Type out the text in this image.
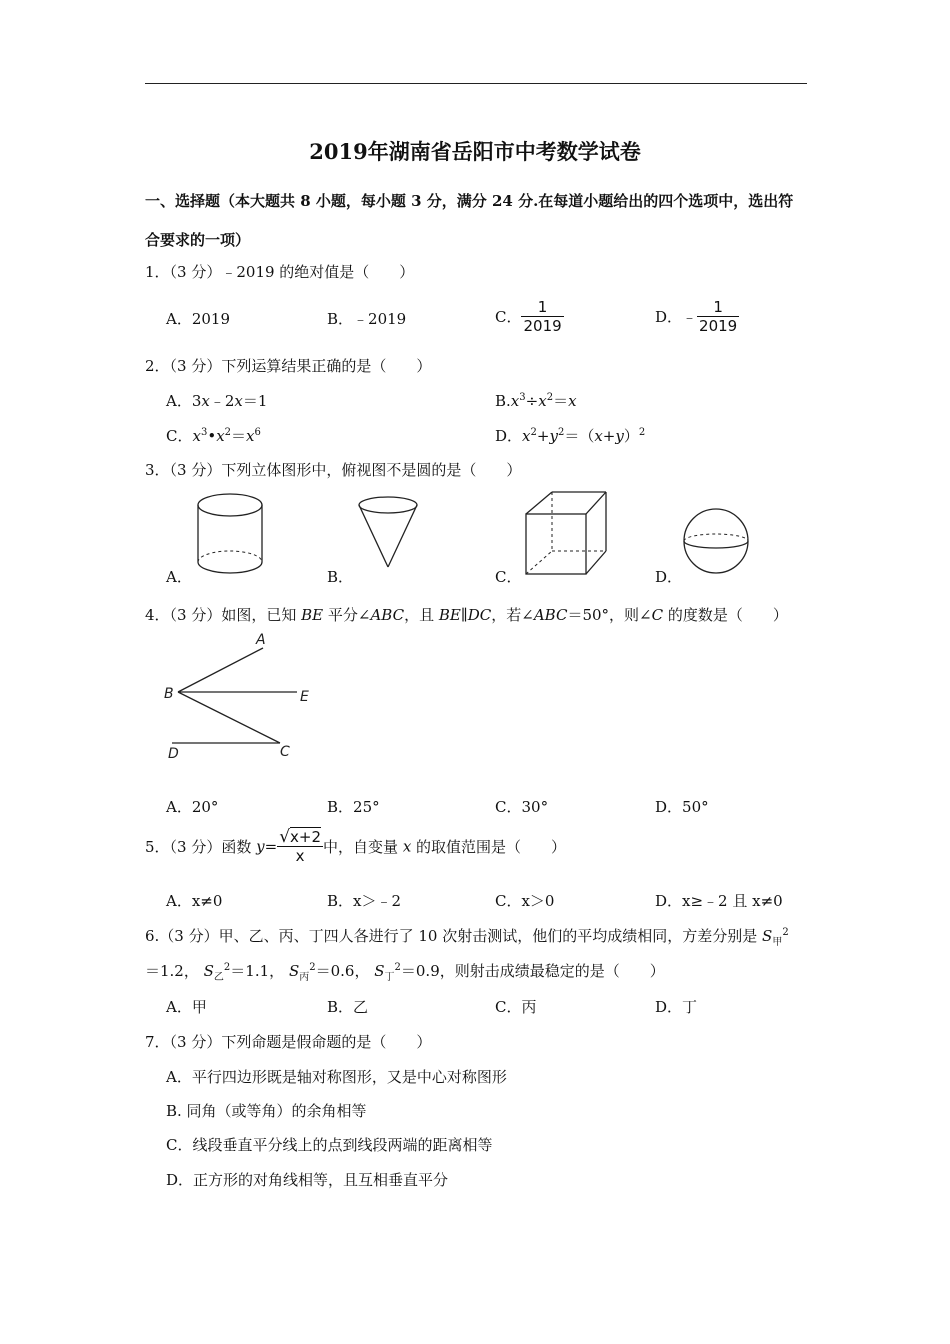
2019年湖南省岳阳市中考数学试卷
一、选择题（本大题共 8 小题，每小题 3 分，满分 24 分.在每道小题给出的四个选项中，选出符
合要求的一项）
1．（3 分）﹣2019 的绝对值是（　　）
A．2019	B．﹣2019	C． $\frac{1}{2019}$	D．﹣ $\frac{1}{2019}$
2．（3 分）下列运算结果正确的是（　　）
A．3x﹣2x＝1	$B.x^3\div x^2=x$
C．$x^3•x^2=x^6$	D．$x^2+y^2=(x+y)^2$
3．（3 分）下列立体图形中，俯视图不是圆的是（　　）
A．	B．	C．	D．
4．（3 分）如图，已知 BE 平分∠ABC，且 BE∥DC，若∠ABC＝50°，则∠C 的度数是（　　）
A
B	E
D	C
A．20°	B．25°	C．30°	D．50°
5．（3 分）函数 $y= \frac{√x+2}{x}$ 中，自变量 x 的取值范围是（　　）
A．x≠0	B．x＞﹣2	C．x＞0	D．x≥﹣2 且 x≠0
6.（3 分）甲、乙、丙、丁四人各进行了 10 次射击测试，他们的平均成绩相同，方差分别是 $S_甲^2$
＝1.2， $S_乙^2=1.1$， $S_丙^2=0.6$， $S_丁^2=0.9$，则射击成绩最稳定的是（　　）
A．甲	B．乙	C．丙	D．丁
7．（3 分）下列命题是假命题的是（　　）
A．平行四边形既是轴对称图形，又是中心对称图形
B. 同角（或等角）的余角相等
C．线段垂直平分线上的点到线段两端的距离相等
D．正方形的对角线相等，且互相垂直平分
